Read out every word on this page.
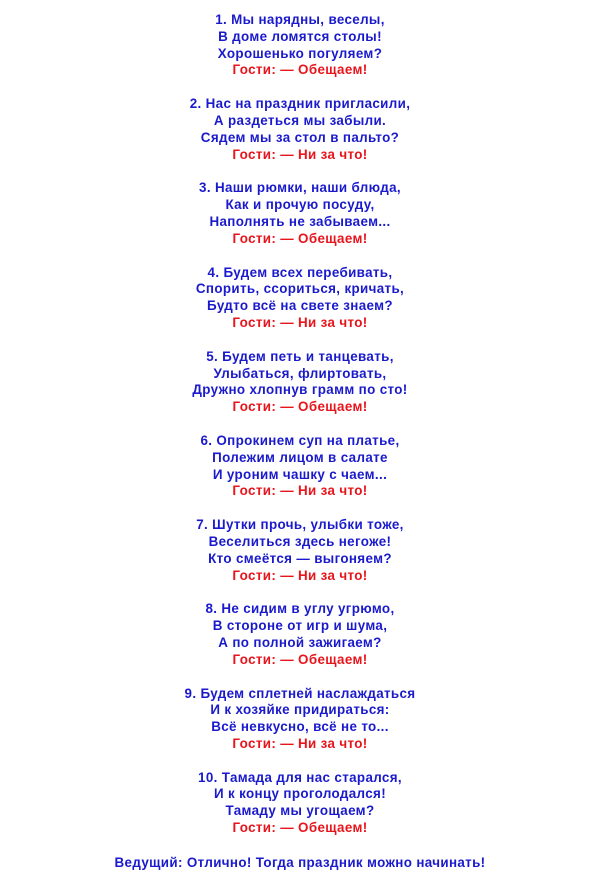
1. Мы нарядны, веселы,
В доме ломятся столы!
Хорошенько погуляем?
Гости: — Обещаем!
2. Нас на праздник пригласили,
А раздеться мы забыли.
Сядем мы за стол в пальто?
Гости: — Ни за что!
3. Наши рюмки, наши блюда,
Как и прочую посуду,
Наполнять не забываем...
Гости: — Обещаем!
4. Будем всех перебивать,
Спорить, ссориться, кричать,
Будто всё на свете знаем?
Гости: — Ни за что!
5. Будем петь и танцевать,
Улыбаться, флиртовать,
Дружно хлопнув грамм по сто!
Гости: — Обещаем!
6. Опрокинем суп на платье,
Полежим лицом в салате
И уроним чашку с чаем...
Гости: — Ни за что!
7. Шутки прочь, улыбки тоже,
Веселиться здесь негоже!
Кто смеётся — выгоняем?
Гости: — Ни за что!
8. Не сидим в углу угрюмо,
В стороне от игр и шума,
А по полной зажигаем?
Гости: — Обещаем!
9. Будем сплетней наслаждаться
И к хозяйке придираться:
Всё невкусно, всё не то...
Гости: — Ни за что!
10. Тамада для нас старался,
И к концу проголодался!
Тамаду мы угощаем?
Гости: — Обещаем!
Ведущий: Отлично! Тогда праздник можно начинать!
